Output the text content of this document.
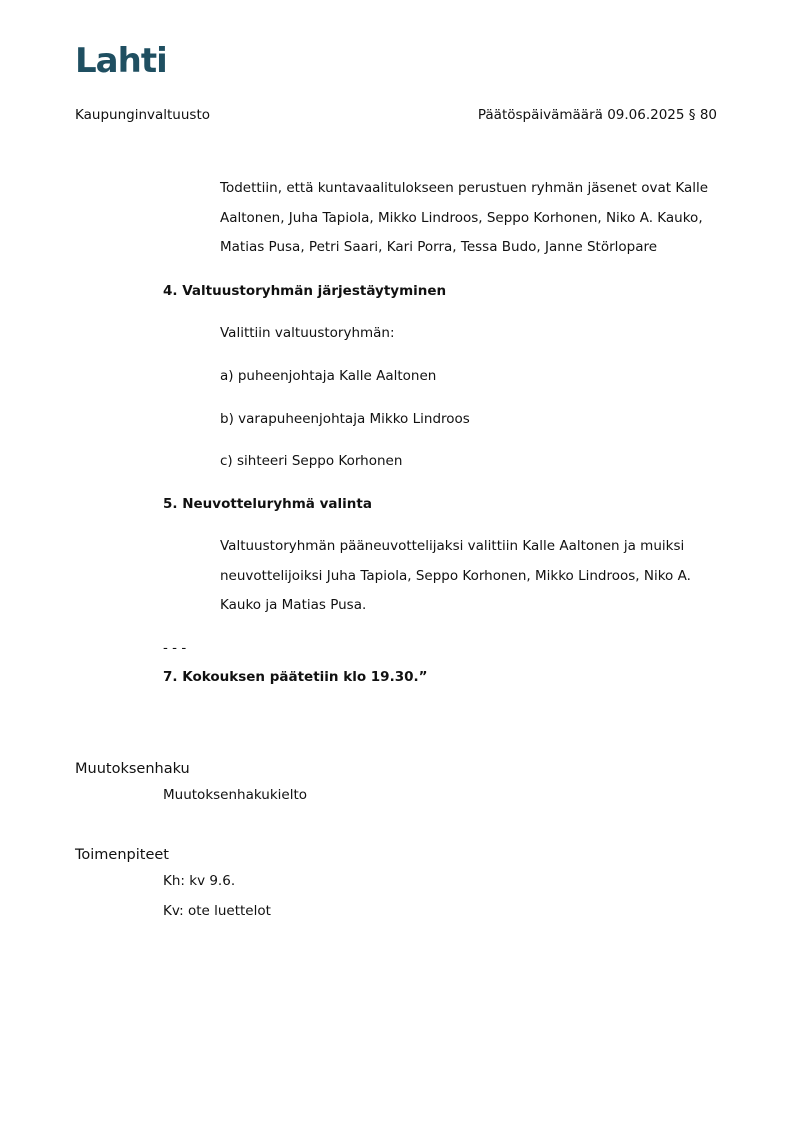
Lahti
Kaupunginvaltuusto	Päätöspäivämäärä 09.06.2025 § 80
Todettiin, että kuntavaalitulokseen perustuen ryhmän jäsenet ovat Kalle
Aaltonen, Juha Tapiola, Mikko Lindroos, Seppo Korhonen, Niko A. Kauko,
Matias Pusa, Petri Saari, Kari Porra, Tessa Budo, Janne Störlopare
4. Valtuustoryhmän järjestäytyminen
Valittiin valtuustoryhmän:
a) puheenjohtaja Kalle Aaltonen
b) varapuheenjohtaja Mikko Lindroos
c) sihteeri Seppo Korhonen
5. Neuvotteluryhmä valinta
Valtuustoryhmän pääneuvottelijaksi valittiin Kalle Aaltonen ja muiksi
neuvottelijoiksi Juha Tapiola, Seppo Korhonen, Mikko Lindroos, Niko A.
Kauko ja Matias Pusa.
- - -
7. Kokouksen päätetiin klo 19.30.”
Muutoksenhaku
Muutoksenhakukielto
Toimenpiteet
Kh: kv 9.6.
Kv: ote luettelot
